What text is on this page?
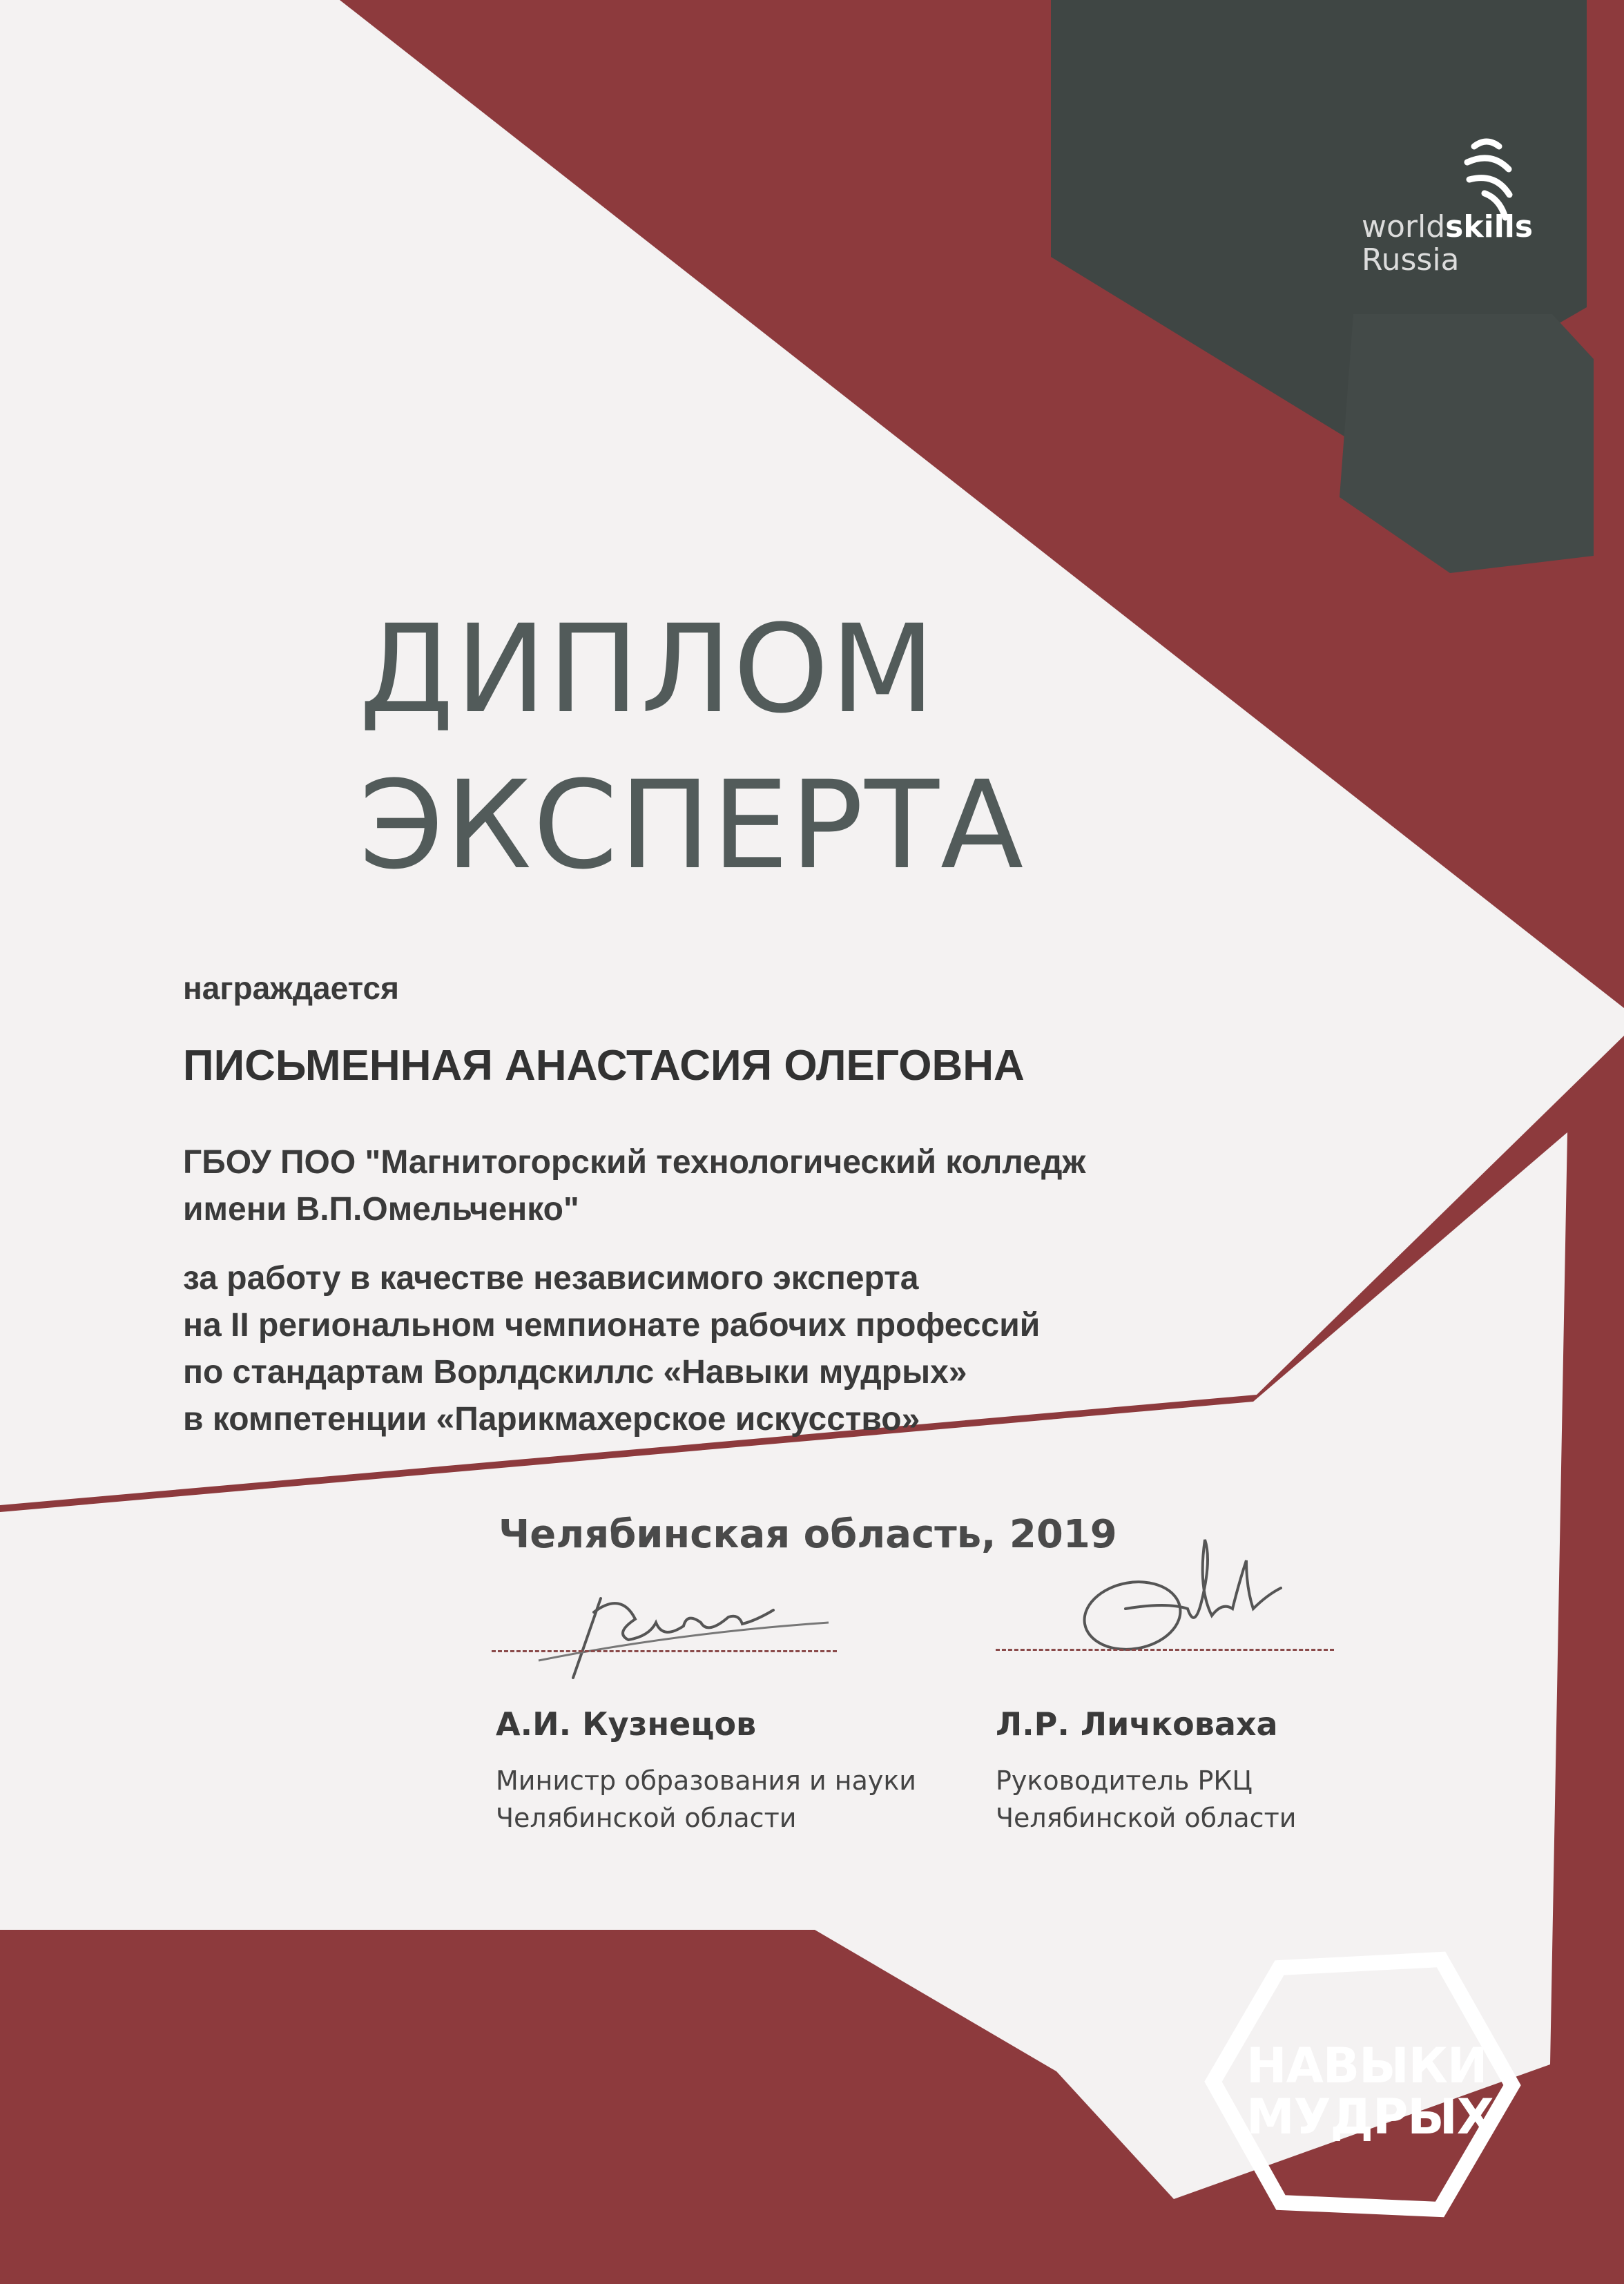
worldskills
Russia
ДИПЛОМ
ЭКСПЕРТА
награждается
ПИСЬМЕННАЯ АНАСТАСИЯ ОЛЕГОВНА
ГБОУ ПОО "Магнитогорский технологический колледж
имени В.П.Омельченко"
за работу в качестве независимого эксперта
на II региональном чемпионате рабочих профессий
по стандартам Ворлдскиллс «Навыки мудрых»
в компетенции «Парикмахерское искусство»
Челябинская область, 2019
А.И. Кузнецов
Министр образования и науки
Челябинской области
Л.Р. Личковаха
Руководитель РКЦ
Челябинской области
НАВЫКИ
МУДРЫХ
